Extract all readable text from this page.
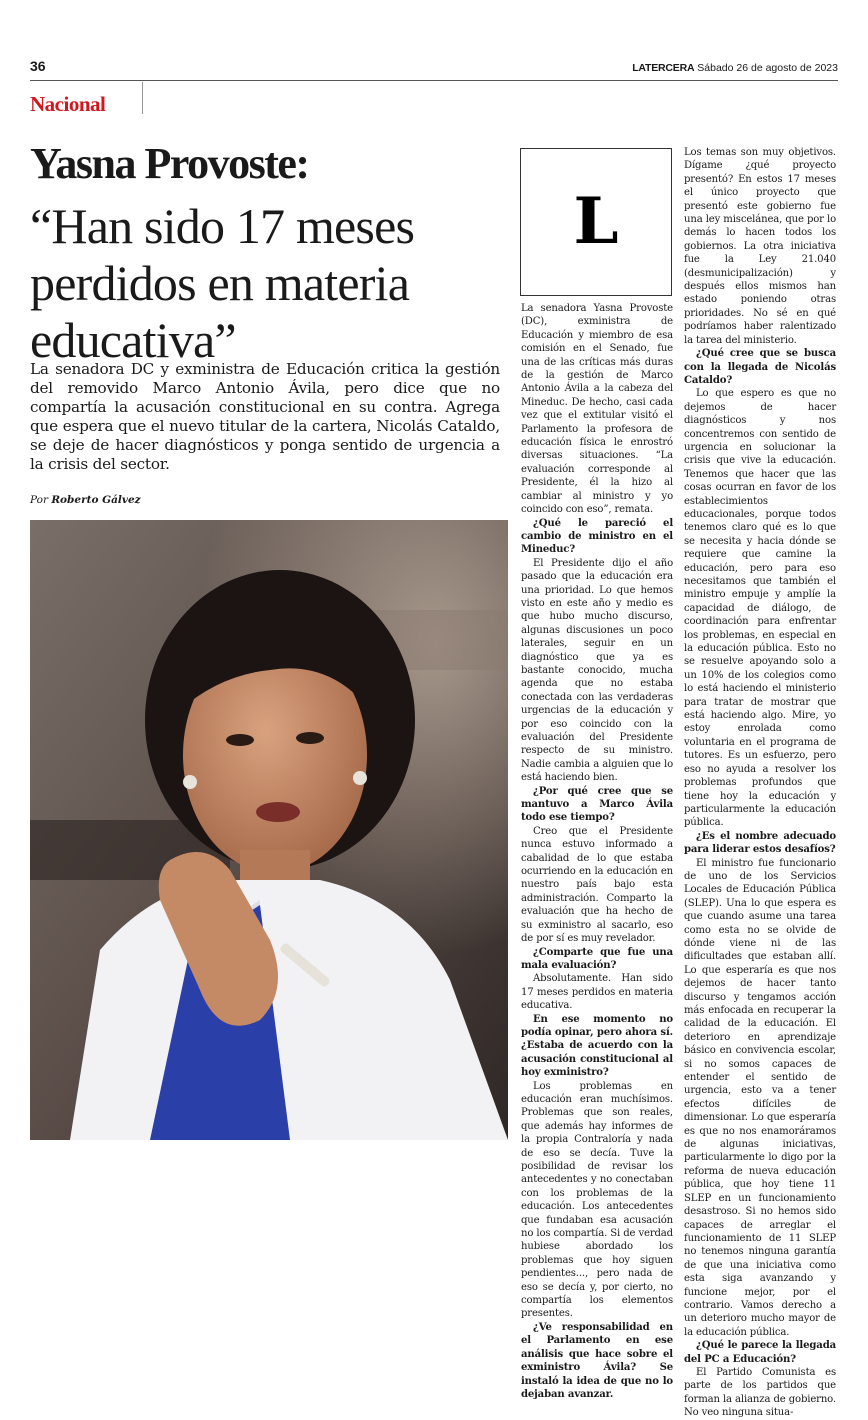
36	LATERCERA Sábado 26 de agosto de 2023
Nacional
Yasna Provoste:
“Han sido 17 meses perdidos en materia educativa”
La senadora DC y exministra de Educación critica la gestión del removido Marco Antonio Ávila, pero dice que no compartía la acusación constitucional en su contra. Agrega que espera que el nuevo titular de la cartera, Nicolás Cataldo, se deje de hacer diagnósticos y ponga sentido de urgencia a la crisis del sector.
Por Roberto Gálvez
L

La senadora Yasna Provoste (DC), exministra de Educación y miembro de esa comisión en el Senado, fue una de las críticas más duras de la gestión de Marco Antonio Ávila a la cabeza del Mineduc. De hecho, casi cada vez que el extitular visitó el Parlamento la profesora de educación física le enrostró diversas situaciones. “La evaluación corresponde al Presidente, él la hizo al cambiar al ministro y yo coincido con eso”, remata.

¿Qué le pareció el cambio de ministro en el Mineduc?

El Presidente dijo el año pasado que la educación era una prioridad. Lo que hemos visto en este año y medio es que hubo mucho discurso, algunas discusiones un poco laterales, seguir en un diagnóstico que ya es bastante conocido, mucha agenda que no estaba conectada con las verdaderas urgencias de la educación y por eso coincido con la evaluación del Presidente respecto de su ministro. Nadie cambia a alguien que lo está haciendo bien.

¿Por qué cree que se mantuvo a Marco Ávila todo ese tiempo?

Creo que el Presidente nunca estuvo informado a cabalidad de lo que estaba ocurriendo en la educación en nuestro país bajo esta administración. Comparto la evaluación que ha hecho de su exministro al sacarlo, eso de por sí es muy revelador.

¿Comparte que fue una mala evaluación?

Absolutamente. Han sido 17 meses perdidos en materia educativa.

En ese momento no podía opinar, pero ahora sí. ¿Estaba de acuerdo con la acusación constitucional al hoy exministro?

Los problemas en educación eran muchísimos. Problemas que son reales, que además hay informes de la propia Contraloría y nada de eso se decía. Tuve la posibilidad de revisar los antecedentes y no conectaban con los problemas de la educación. Los antecedentes que fundaban esa acusación no los compartía. Si de verdad hubiese abordado los problemas que hoy siguen pendientes..., pero nada de eso se decía y, por cierto, no compartía los elementos presentes.

¿Ve responsabilidad en el Parlamento en ese análisis que hace sobre el exministro Ávila? Se instaló la idea de que no lo dejaban avanzar.

Los temas son muy objetivos. Dígame ¿qué proyecto presentó? En estos 17 meses el único proyecto que presentó este gobierno fue una ley miscelánea, que por lo demás lo hacen todos los gobiernos. La otra iniciativa fue la Ley 21.040 (desmunicipalización) y después ellos mismos han estado poniendo otras prioridades. No sé en qué podríamos haber ralentizado la tarea del ministerio.

¿Qué cree que se busca con la llegada de Nicolás Cataldo?

Lo que espero es que no dejemos de hacer diagnósticos y nos concentremos con sentido de urgencia en solucionar la crisis que vive la educación. Tenemos que hacer que las cosas ocurran en favor de los establecimientos educacionales, porque todos tenemos claro qué es lo que se necesita y hacia dónde se requiere que camine la educación, pero para eso necesitamos que también el ministro empuje y amplíe la capacidad de diálogo, de coordinación para enfrentar los problemas, en especial en la educación pública. Esto no se resuelve apoyando solo a un 10% de los colegios como lo está haciendo el ministerio para tratar de mostrar que está haciendo algo. Mire, yo estoy enrolada como voluntaria en el programa de tutores. Es un esfuerzo, pero eso no ayuda a resolver los problemas profundos que tiene hoy la educación y particularmente la educación pública.

¿Es el nombre adecuado para liderar estos desafíos?

El ministro fue funcionario de uno de los Servicios Locales de Educación Pública (SLEP). Una lo que espera es que cuando asume una tarea como esta no se olvide de dónde viene ni de las dificultades que estaban allí. Lo que esperaría es que nos dejemos de hacer tanto discurso y tengamos acción más enfocada en recuperar la calidad de la educación. El deterioro en aprendizaje básico en convivencia escolar, si no somos capaces de entender el sentido de urgencia, esto va a tener efectos difíciles de dimensionar. Lo que esperaría es que no nos enamoráramos de algunas iniciativas, particularmente lo digo por la reforma de nueva educación pública, que hoy tiene 11 SLEP en un funcionamiento desastroso. Si no hemos sido capaces de arreglar el funcionamiento de 11 SLEP no tenemos ninguna garantía de que una iniciativa como esta siga avanzando y funcione mejor, por el contrario. Vamos derecho a un deterioro mucho mayor de la educación pública.

¿Qué le parece la llegada del PC a Educación?

El Partido Comunista es parte de los partidos que forman la alianza de gobierno. No veo ninguna situa-
